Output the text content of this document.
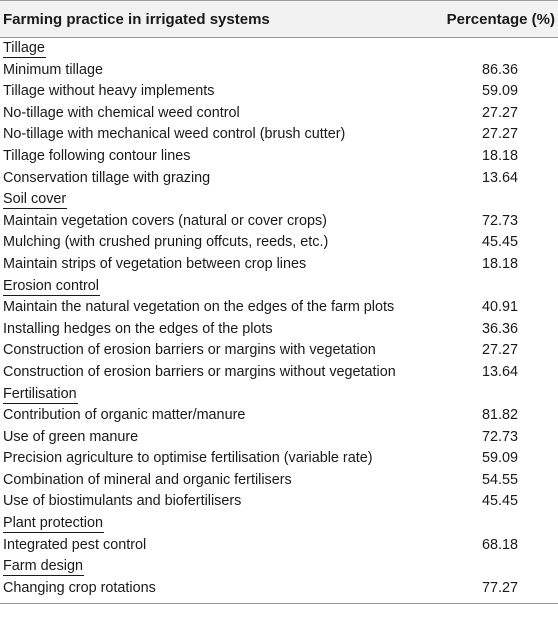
Farming practice in irrigated systems	Percentage (%)
Tillage	
Minimum tillage	86.36
Tillage without heavy implements	59.09
No-tillage with chemical weed control	27.27
No-tillage with mechanical weed control (brush cutter)	27.27
Tillage following contour lines	18.18
Conservation tillage with grazing	13.64
Soil cover	
Maintain vegetation covers (natural or cover crops)	72.73
Mulching (with crushed pruning offcuts, reeds, etc.)	45.45
Maintain strips of vegetation between crop lines	18.18
Erosion control	
Maintain the natural vegetation on the edges of the farm plots	40.91
Installing hedges on the edges of the plots	36.36
Construction of erosion barriers or margins with vegetation	27.27
Construction of erosion barriers or margins without vegetation	13.64
Fertilisation	
Contribution of organic matter/manure	81.82
Use of green manure	72.73
Precision agriculture to optimise fertilisation (variable rate)	59.09
Combination of mineral and organic fertilisers	54.55
Use of biostimulants and biofertilisers	45.45
Plant protection	
Integrated pest control	68.18
Farm design	
Changing crop rotations	77.27
